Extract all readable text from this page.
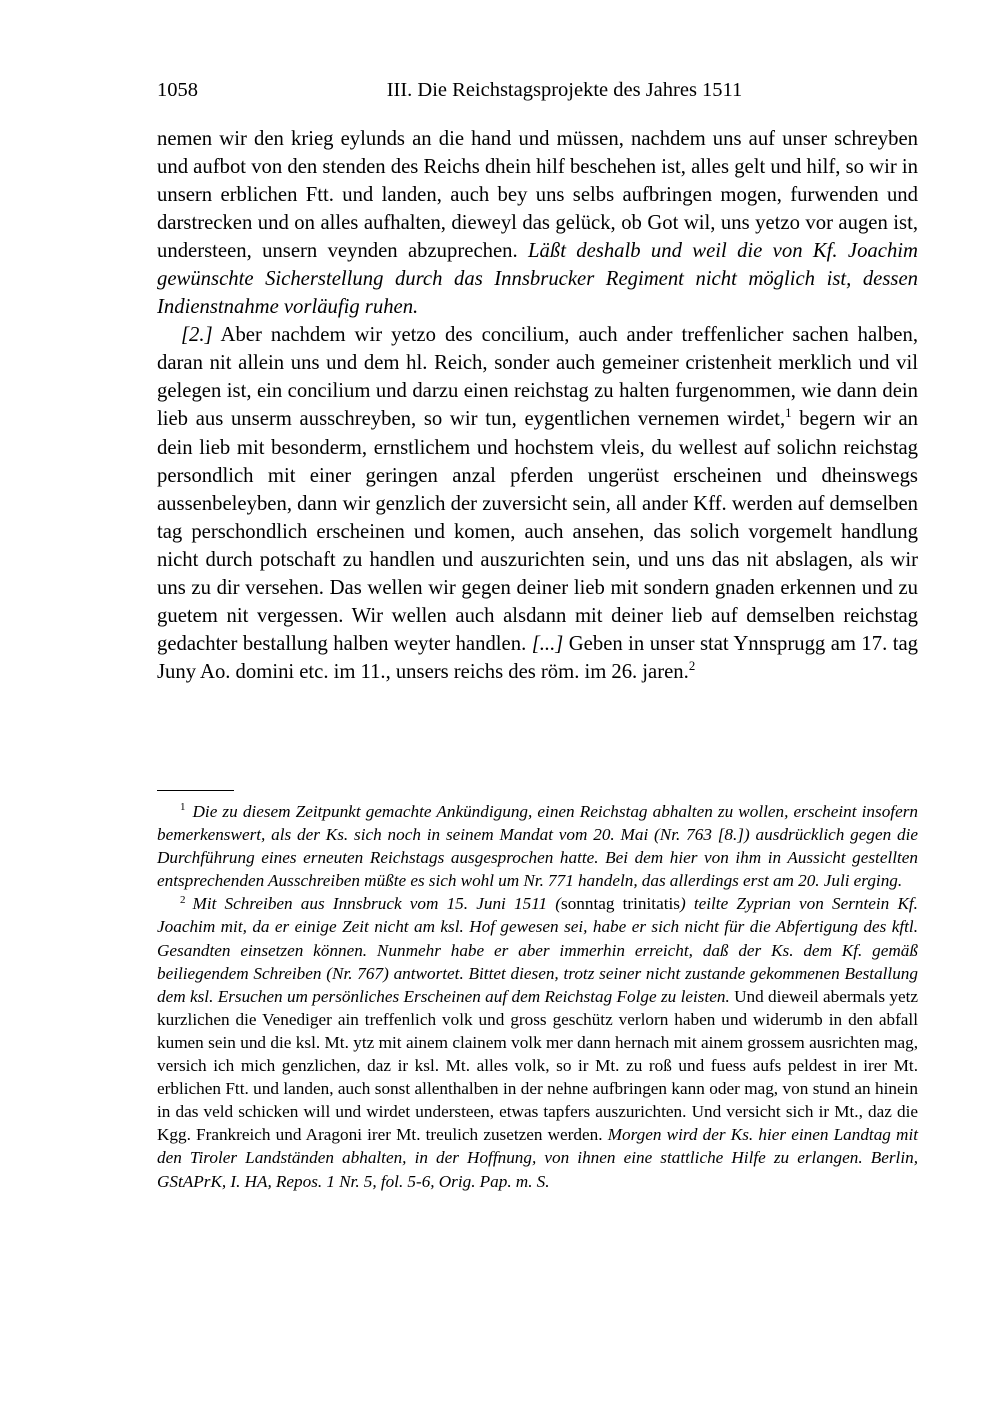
1058	III. Die Reichstagsprojekte des Jahres 1511

nemen wir den krieg eylunds an die hand und müssen, nachdem uns auf unser schreyben und aufbot von den stenden des Reichs dhein hilf beschehen ist, alles gelt und hilf, so wir in unsern erblichen Ftt. und landen, auch bey uns selbs aufbringen mogen, furwenden und darstrecken und on alles aufhalten, dieweyl das gelück, ob Got wil, uns yetzo vor augen ist, understeen, unsern veynden abzuprechen. Läßt deshalb und weil die von Kf. Joachim gewünschte Sicherstellung durch das Innsbrucker Regiment nicht möglich ist, dessen Indienstnahme vorläufig ruhen.

[2.] Aber nachdem wir yetzo des concilium, auch ander treffenlicher sachen halben, daran nit allein uns und dem hl. Reich, sonder auch gemeiner cristenheit merklich und vil gelegen ist, ein concilium und darzu einen reichstag zu halten furgenommen, wie dann dein lieb aus unserm ausschreyben, so wir tun, eygentlichen vernemen wirdet,$^1$ begern wir an dein lieb mit besonderm, ernstlichem und hochstem vleis, du wellest auf solichn reichstag persondlich mit einer geringen anzal pferden ungerüst erscheinen und dheinswegs aussenbeleyben, dann wir genzlich der zuversicht sein, all ander Kff. werden auf demselben tag perschondlich erscheinen und komen, auch ansehen, das solich vorgemelt handlung nicht durch potschaft zu handlen und auszurichten sein, und uns das nit abslagen, als wir uns zu dir versehen. Das wellen wir gegen deiner lieb mit sondern gnaden erkennen und zu guetem nit vergessen. Wir wellen auch alsdann mit deiner lieb auf demselben reichstag gedachter bestallung halben weyter handlen. [...] Geben in unser stat Ynnsprugg am 17. tag Juny Ao. domini etc. im 11., unsers reichs des röm. im 26. jaren.$^2$

$^1$ Die zu diesem Zeitpunkt gemachte Ankündigung, einen Reichstag abhalten zu wollen, erscheint insofern bemerkenswert, als der Ks. sich noch in seinem Mandat vom 20. Mai (Nr. 763 [8.]) ausdrücklich gegen die Durchführung eines erneuten Reichstags ausgesprochen hatte. Bei dem hier von ihm in Aussicht gestellten entsprechenden Ausschreiben müßte es sich wohl um Nr. 771 handeln, das allerdings erst am 20. Juli erging.

$^2$ Mit Schreiben aus Innsbruck vom 15. Juni 1511 (sonntag trinitatis) teilte Zyprian von Serntein Kf. Joachim mit, da er einige Zeit nicht am ksl. Hof gewesen sei, habe er sich nicht für die Abfertigung des kftl. Gesandten einsetzen können. Nunmehr habe er aber immerhin erreicht, daß der Ks. dem Kf. gemäß beiliegendem Schreiben (Nr. 767) antwortet. Bittet diesen, trotz seiner nicht zustande gekommenen Bestallung dem ksl. Ersuchen um persönliches Erscheinen auf dem Reichstag Folge zu leisten. Und dieweil abermals yetz kurzlichen die Venediger ain treffenlich volk und gross geschütz verlorn haben und widerumb in den abfall kumen sein und die ksl. Mt. ytz mit ainem clainem volk mer dann hernach mit ainem grossem ausrichten mag, versich ich mich genzlichen, daz ir ksl. Mt. alles volk, so ir Mt. zu roß und fuess aufs peldest in irer Mt. erblichen Ftt. und landen, auch sonst allenthalben in der nehne aufbringen kann oder mag, von stund an hinein in das veld schicken will und wirdet understeen, etwas tapfers auszurichten. Und versicht sich ir Mt., daz die Kgg. Frankreich und Aragoni irer Mt. treulich zusetzen werden. Morgen wird der Ks. hier einen Landtag mit den Tiroler Landständen abhalten, in der Hoffnung, von ihnen eine stattliche Hilfe zu erlangen. Berlin, GStAPrK, I. HA, Repos. 1 Nr. 5, fol. 5-6, Orig. Pap. m. S.
